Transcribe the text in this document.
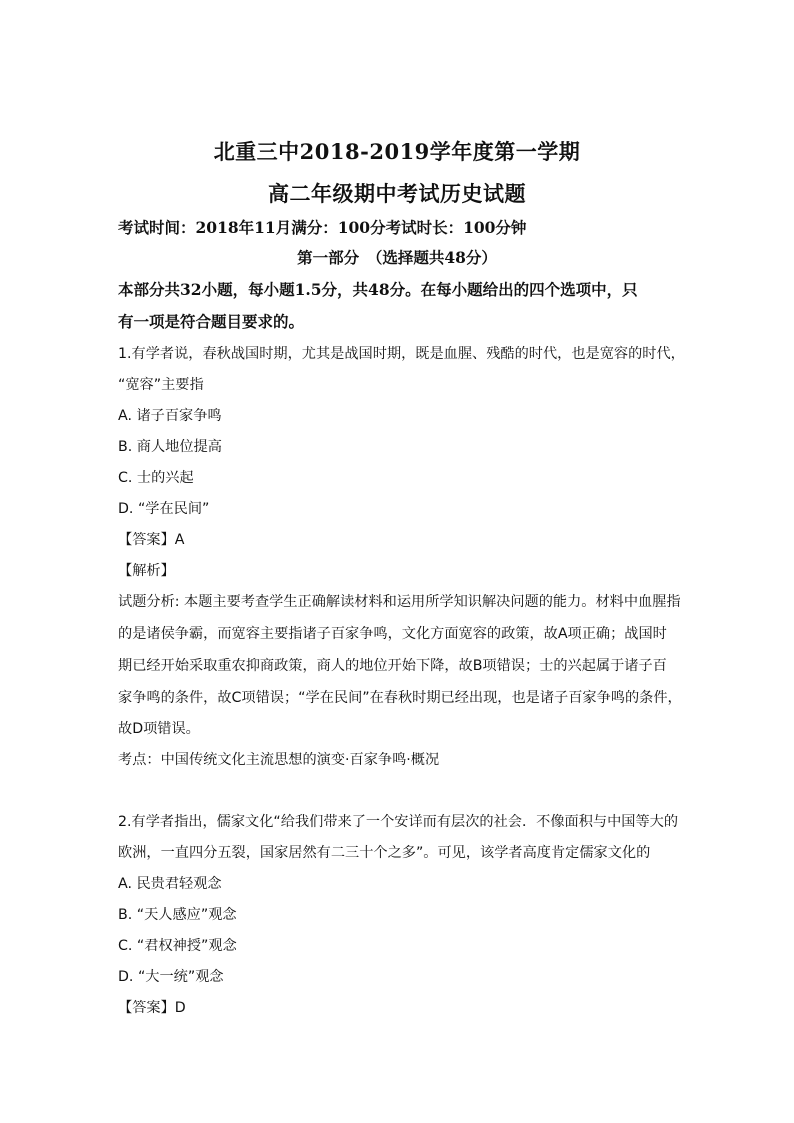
北重三中2018-2019学年度第一学期
高二年级期中考试历史试题
考试时间：2018年11月满分：100分考试时长：100分钟
第一部分　（选择题共48分）
本部分共32小题，每小题1.5分，共48分。在每小题给出的四个选项中，只
有一项是符合题目要求的。
1.有学者说，春秋战国时期，尤其是战国时期，既是血腥、残酷的时代，也是宽容的时代，
“宽容”主要指
A. 诸子百家争鸣
B. 商人地位提高
C. 士的兴起
D. “学在民间”
【答案】A
【解析】
试题分析: 本题主要考查学生正确解读材料和运用所学知识解决问题的能力。材料中血腥指
的是诸侯争霸，而宽容主要指诸子百家争鸣，文化方面宽容的政策，故A项正确；战国时
期已经开始采取重农抑商政策，商人的地位开始下降，故B项错误；士的兴起属于诸子百
家争鸣的条件，故C项错误；“学在民间”在春秋时期已经出现，也是诸子百家争鸣的条件，
故D项错误。
考点：中国传统文化主流思想的演变·百家争鸣·概况
2.有学者指出，儒家文化“给我们带来了一个安详而有层次的社会．不像面积与中国等大的
欧洲，一直四分五裂，国家居然有二三十个之多”。可见，该学者高度肯定儒家文化的
A. 民贵君轻观念
B. “天人感应”观念
C. “君权神授”观念
D. “大一统”观念
【答案】D
